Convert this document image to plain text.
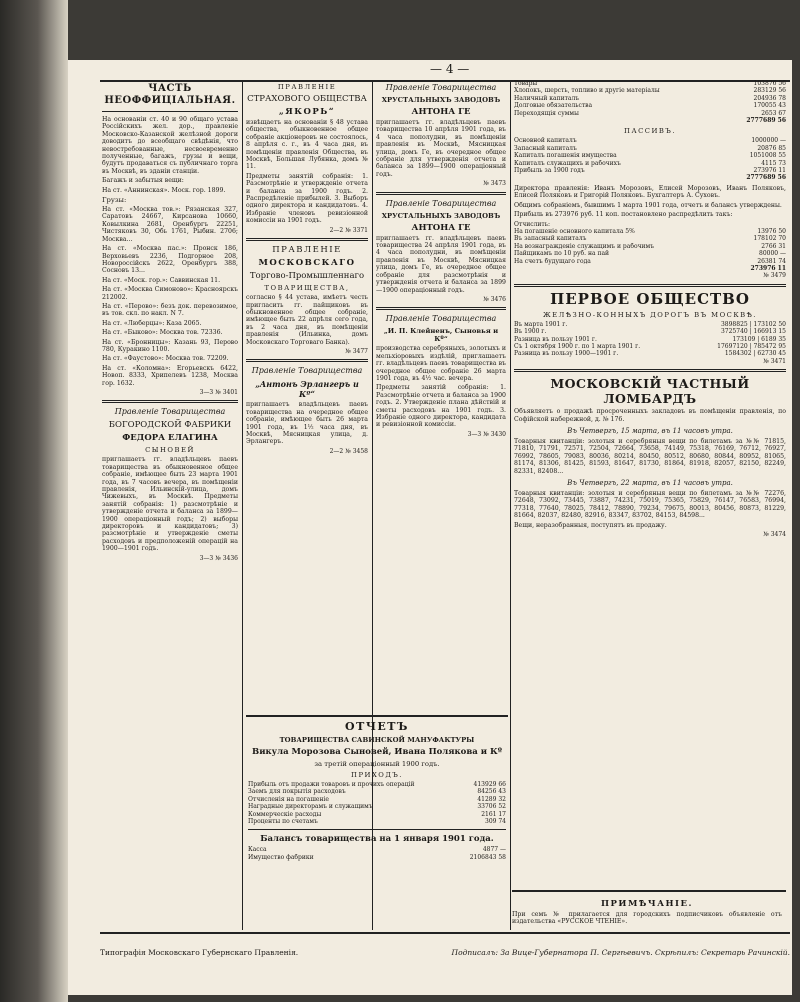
— 4 —
ЧАСТЬ НЕОФФИЦІАЛЬНАЯ.

На основаніи ст. 40 и 90 общаго устава Россійскихъ жел. дор., правленіе Московско-Казанской желѣзной дороги доводитъ до всеобщаго свѣдѣнія, что невостребованные, несвоевременно полученные, багажъ, грузы и вещи, будутъ продаваться съ публичнаго торга въ Москвѣ, въ зданіи станціи.

Багажъ и забытыя вещи:

На ст. «Аннинская». Моск. гор. 1899.

Грузы:

На ст. «Москва тов.»: Рязанская 327, Саратовъ 24667, Кирсанова 10660, Ковылкина 2681, Оренбургъ 22251, Чистяковъ 30, Обь 1761, Рыбин. 2706; Москва...

На ст. «Москва пас.»: Пронск 186, Верховьевъ 2236, Подгорное 208, Новороссійскъ 2622, Оренбургъ 388, Сосновъ 13...

На ст. «Моск. гор.»: Саввинская 11.

На ст. «Москва Симоново»: Красноярскъ 212002.

На ст. «Перово»: безъ док. перевозимое, въ тов. скл. по накл. N 7.

На ст. «Люберцы»: Каза 2065.

На ст. «Быково»: Москва тов. 72336.

На ст. «Бронницы»: Казань 93, Перово 780, Куракино 1100.

На ст. «Фаустово»: Москва тов. 72209.

На ст. «Коломна»: Егорьевскъ 6422, Новоп. 8333, Хрипелевъ 1238, Москва гор. 1632.

3—3 № 3401
Правленіе Товарищества
БОГОРОДСКОЙ ФАБРИКИ
ФЕДОРА ЕЛАГИНА
СЫНОВЕЙ

приглашаетъ гг. владѣльцевъ паевъ товарищества въ обыкновенное общее собраніе, имѣющее быть 23 марта 1901 года, въ 7 часовъ вечера, въ помѣщеніи правленія, Ильинскій-улица, домъ Чижевыхъ, въ Москвѣ. Предметы занятій собранія: 1) разсмотрѣніе и утвержденіе отчета и баланса за 1899—1900 операціонный годъ; 2) выборы директоровъ и кандидатовъ; 3) разсмотрѣніе и утвержденіе сметы расходовъ и предположеній операцій на 1900—1901 годъ.

3—3 № 3436
ПРАВЛЕНІЕ
СТРАХОВОГО ОБЩЕСТВА
„ЯКОРЬ“

извѣщаетъ на основаніи § 48 устава общества, обыкновенное общее собраніе акціонеровъ не состоялось, 8 апрѣля с. г., въ 4 часа дня, въ помѣщеніи правленія Общества, въ Москвѣ, Большая Лубянка, домъ № 11.

Предметы занятій собранія: 1. Разсмотрѣніе и утвержденіе отчета и баланса за 1900 годъ. 2. Распредѣленіе прибылей. 3. Выборъ одного директора и кандидатовъ. 4. Избраніе членовъ ревизіонной комиссіи на 1901 годъ.

2—2 № 3371
ПРАВЛЕНІЕ
МОСКОВСКАГО
Торгово-Промышленнаго
ТОВАРИЩЕСТВА,

согласно § 44 устава, имѣетъ честь пригласить гг. пайщиковъ въ обыкновенное общее собраніе, имѣющее быть 22 апрѣля сего года, въ 2 часа дня, въ помѣщеніи правленія (Ильинка, домъ Московскаго Торговаго Банка).

№ 3477
Правленіе Товарищества
„Антонъ Эрлангеръ и Кº“

приглашаетъ владѣльцевъ паевъ товарищества на очередное общее собраніе, имѣющее быть 26 марта 1901 года, въ 1½ часа дня, въ Москвѣ, Мясницкая улица, д. Эрлангеръ.

2—2 № 3458
Правленіе Товарищества
ХРУСТАЛЬНЫХЪ ЗАВОДОВЪ
АНТОНА ГЕ

приглашаетъ гг. владѣльцевъ паевъ товарищества 10 апрѣля 1901 года, въ 4 часа пополудни, въ помѣщеніи правленія въ Москвѣ, Мясницкая улица, домъ Ге, въ очередное общее собраніе для утвержденія отчета и баланса за 1899—1900 операціонный годъ.

№ 3473
Правленіе Товарищества
ХРУСТАЛЬНЫХЪ ЗАВОДОВЪ
АНТОНА ГЕ

приглашаетъ гг. владѣльцевъ паевъ товарищества 24 апрѣля 1901 года, въ 4 часа пополудни, въ помѣщеніи правленія въ Москвѣ, Мясницкая улица, домъ Ге, въ очередное общее собраніе для разсмотрѣнія и утвержденія отчета и баланса за 1899—1900 операціонный годъ.

№ 3476
Правленіе Товарищества
„И. П. Клейненъ, Сыновья и Кº“

производства серебряныхъ, золотыхъ и мельхіоровыхъ издѣлій, приглашаетъ гг. владѣльцевъ паевъ товарищества въ очередное общее собраніе 26 марта 1901 года, въ 4½ час. вечера.

Предметы занятій собранія: 1. Разсмотрѣніе отчета и баланса за 1900 годъ. 2. Утвержденіе плана дѣйствій и сметы расходовъ на 1901 годъ. 3. Избраніе одного директора, кандидата и ревизіонной комиссіи.

3—3 № 3430
ОТЧЕТЪ
ТОВАРИЩЕСТВА САВИНСКОЙ МАНУФАКТУРЫ
Викула Морозова Сыновей, Ивана Полякова и Кº
за третій операціонный 1900 годъ.
ПРИХОДЪ.
Прибыль отъ продажи товаровъ и прочихъ операцій	413929 66
Заемъ для покрытія расходовъ	84256 43
Отчисленія на погашеніе	41289 32
Наградные директорамъ и служащимъ	33706 52
Коммерческіе расходы	2161 17
Проценты по счетамъ	309 74
Балансъ товарищества на 1 января 1901 года.
Касса	4877 —
Имущество фабрики	2106843 58
Товары	103876 56
Хлопокъ, шерсть, топливо и другіе матеріалы	283129 56
Наличный капиталъ	204936 78
Долговые обязательства	170055 43
Переходящія суммы	2653 67
2777689 56
ПАССИВЪ.
Основной капиталъ	1000000 —
Запасный капиталъ	20876 85
Капиталъ погашенія имущества	1051008 55
Капиталъ служащихъ и рабочихъ	4115 73
Прибыль за 1900 годъ	273976 11
2777689 56

Директора правленія: Иванъ Морозовъ, Елисей Морозовъ, Иванъ Поляковъ, Елисей Поляковъ и Григорій Поляковъ. Бухгалтеръ А. Суховъ.

Общимъ собраніемъ, бывшимъ 1 марта 1901 года, отчетъ и балансъ утверждены.

Прибыль въ 273976 руб. 11 коп. постановлено распредѣлить такъ:

Отчислить:
На погашеніе основного капитала 5%	13976 50
Въ запасный капиталъ	178102 70
На вознагражденіе служащимъ и рабочимъ	2766 31
Пайщикамъ по 10 руб. на пай	80000 —
На счетъ будущаго года	26381 74
273976 11
№ 3479
ПЕРВОЕ ОБЩЕСТВО
ЖЕЛѢЗНО-КОННЫХЪ ДОРОГЪ ВЪ МОСКВѢ.
Въ марта 1901 г.	3898825 | 173102 50
Въ 1900 г.	3725740 | 166913 15
Разница въ пользу 1901 г.	173109 | 6189 35
Съ 1 октября 1900 г. по 1 марта 1901 г.	17697120 | 785472 95
Разница въ пользу 1900—1901 г.	1584302 | 62730 45
№ 3471
МОСКОВСКІЙ ЧАСТНЫЙ ЛОМБАРДЪ

Объявляетъ о продажѣ просроченныхъ закладовъ въ помѣщеніи правленія, по Софійской набережной, д. № 176.

Въ Четвергъ, 15 марта, въ 11 часовъ утра.

Товарныя квитанціи: золотыя и серебряныя вещи по билетамъ за №№ 71815, 71810, 71791, 72571, 72504, 72664, 73658, 74149, 75318, 76169, 76712, 76927, 76992, 78605, 79083, 80036, 80214, 80450, 80512, 80680, 80844, 80952, 81065, 81174, 81306, 81425, 81593, 81647, 81730, 81864, 81918, 82057, 82150, 82249, 82331, 82408...

Въ Четвергъ, 22 марта, въ 11 часовъ утра.

Товарныя квитанціи: золотыя и серебряныя вещи по билетамъ за №№ 72276, 72648, 73092, 73445, 73887, 74231, 75019, 75365, 75829, 76147, 76583, 76994, 77318, 77640, 78025, 78412, 78890, 79234, 79675, 80013, 80456, 80873, 81229, 81664, 82037, 82480, 82916, 83347, 83702, 84153, 84598...

Вещи, неразобранныя, поступятъ въ продажу.

№ 3474
ПРИМѢЧАНІЕ.

При семъ № прилагается для городскихъ подписчиковъ объявленіе отъ издательства «РУССКОЕ ЧТЕНІЕ».

Типографія Московскаго Губернскаго Правленія.	Подписалъ: За Вице-Губернатора П. Сергѣевичъ. Скрѣпилъ: Секретарь Рачинскій.
